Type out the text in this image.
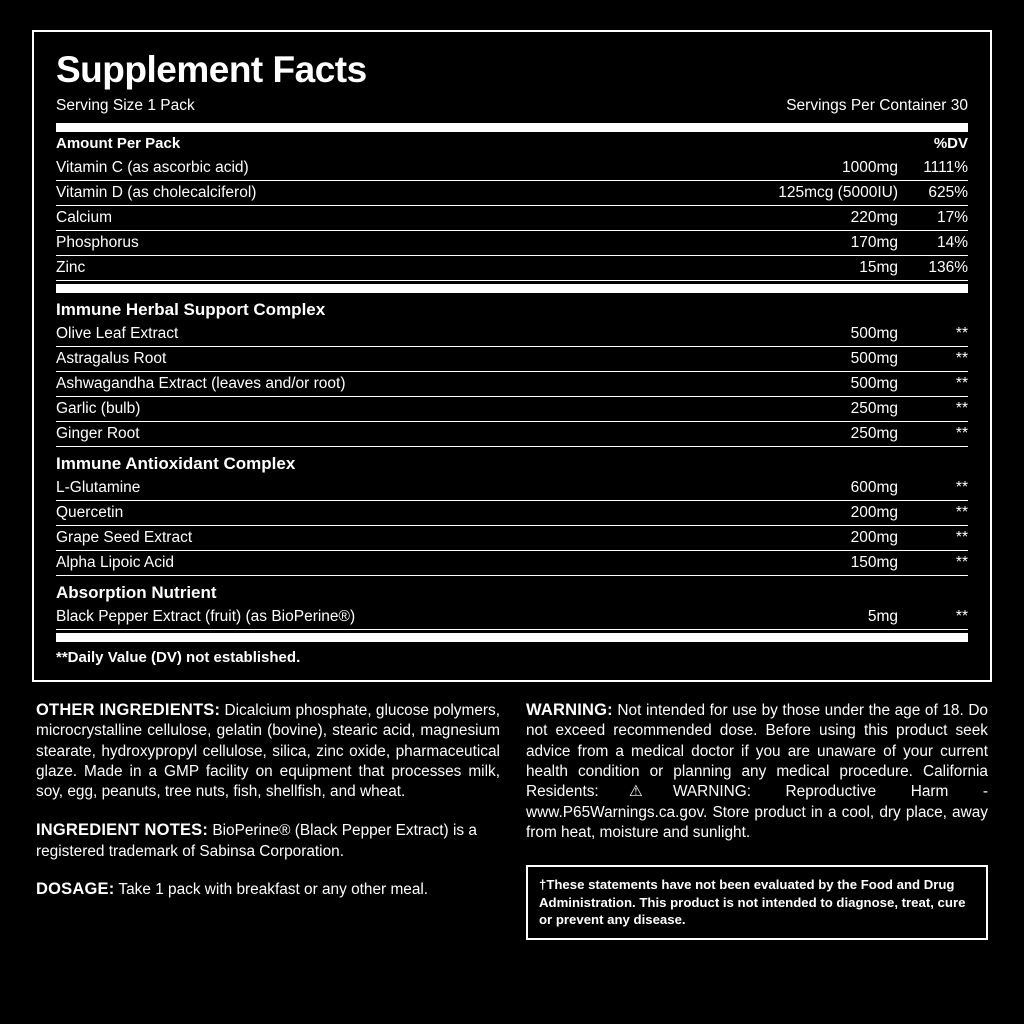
Supplement Facts
Serving Size 1 Pack	Servings Per Container 30
Amount Per Pack		%DV
Vitamin C (as ascorbic acid)	1000mg	1111%
Vitamin D (as cholecalciferol)	125mcg (5000IU)	625%
Calcium	220mg	17%
Phosphorus	170mg	14%
Zinc	15mg	136%

Immune Herbal Support Complex		
Olive Leaf Extract	500mg	**
Astragalus Root	500mg	**
Ashwagandha Extract (leaves and/or root)	500mg	**
Garlic (bulb)	250mg	**
Ginger Root	250mg	**
Immune Antioxidant Complex		
L-Glutamine	600mg	**
Quercetin	200mg	**
Grape Seed Extract	200mg	**
Alpha Lipoic Acid	150mg	**
Absorption Nutrient		
Black Pepper Extract (fruit) (as BioPerine®)	5mg	**

**Daily Value (DV) not established.
OTHER INGREDIENTS: Dicalcium phosphate, glucose polymers, microcrystalline cellulose, gelatin (bovine), stearic acid, magnesium stearate, hydroxypropyl cellulose, silica, zinc oxide, pharmaceutical glaze. Made in a GMP facility on equipment that processes milk, soy, egg, peanuts, tree nuts, fish, shellfish, and wheat.
INGREDIENT NOTES: BioPerine® (Black Pepper Extract) is a registered trademark of Sabinsa Corporation.
DOSAGE: Take 1 pack with breakfast or any other meal.
WARNING: Not intended for use by those under the age of 18. Do not exceed recommended dose. Before using this product seek advice from a medical doctor if you are unaware of your current health condition or planning any medical procedure. California Residents:⚠WARNING: Reproductive Harm - www.P65Warnings.ca.gov. Store product in a cool, dry place, away from heat, moisture and sunlight.
†These statements have not been evaluated by the Food and Drug Administration. This product is not intended to diagnose, treat, cure or prevent any disease.
